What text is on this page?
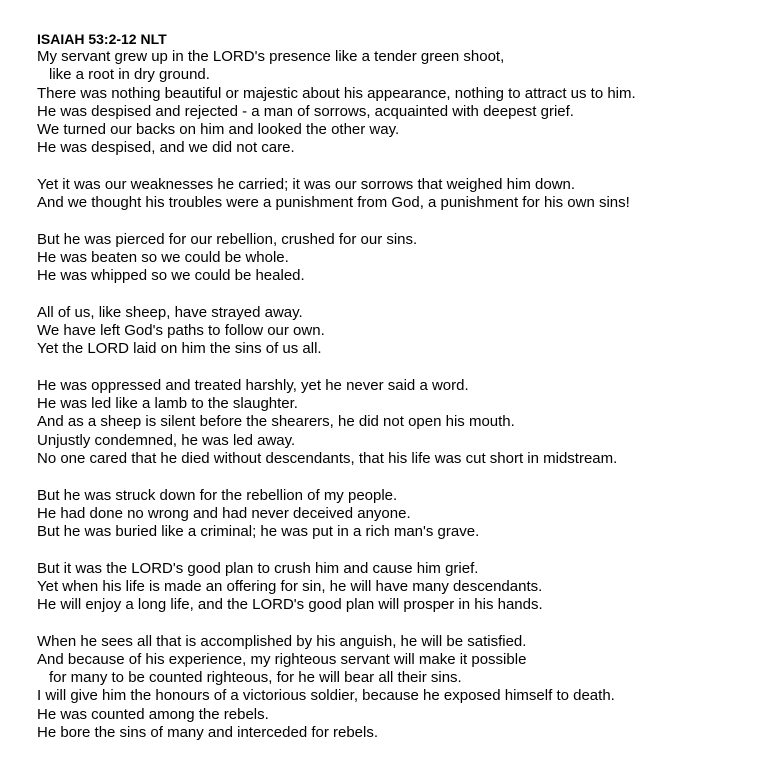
ISAIAH 53:2-12 NLT
My servant grew up in the LORD's presence like a tender green shoot,
like a root in dry ground.
There was nothing beautiful or majestic about his appearance, nothing to attract us to him.
He was despised and rejected - a man of sorrows, acquainted with deepest grief.
We turned our backs on him and looked the other way.
He was despised, and we did not care.
Yet it was our weaknesses he carried; it was our sorrows that weighed him down.
And we thought his troubles were a punishment from God, a punishment for his own sins!
But he was pierced for our rebellion, crushed for our sins.
He was beaten so we could be whole.
He was whipped so we could be healed.
All of us, like sheep, have strayed away.
We have left God's paths to follow our own.
Yet the LORD laid on him the sins of us all.
He was oppressed and treated harshly, yet he never said a word.
He was led like a lamb to the slaughter.
And as a sheep is silent before the shearers, he did not open his mouth.
Unjustly condemned, he was led away.
No one cared that he died without descendants, that his life was cut short in midstream.
But he was struck down for the rebellion of my people.
He had done no wrong and had never deceived anyone.
But he was buried like a criminal; he was put in a rich man's grave.
But it was the LORD's good plan to crush him and cause him grief.
Yet when his life is made an offering for sin, he will have many descendants.
He will enjoy a long life, and the LORD's good plan will prosper in his hands.
When he sees all that is accomplished by his anguish, he will be satisfied.
And because of his experience, my righteous servant will make it possible
for many to be counted righteous, for he will bear all their sins.
I will give him the honours of a victorious soldier, because he exposed himself to death.
He was counted among the rebels.
He bore the sins of many and interceded for rebels.
